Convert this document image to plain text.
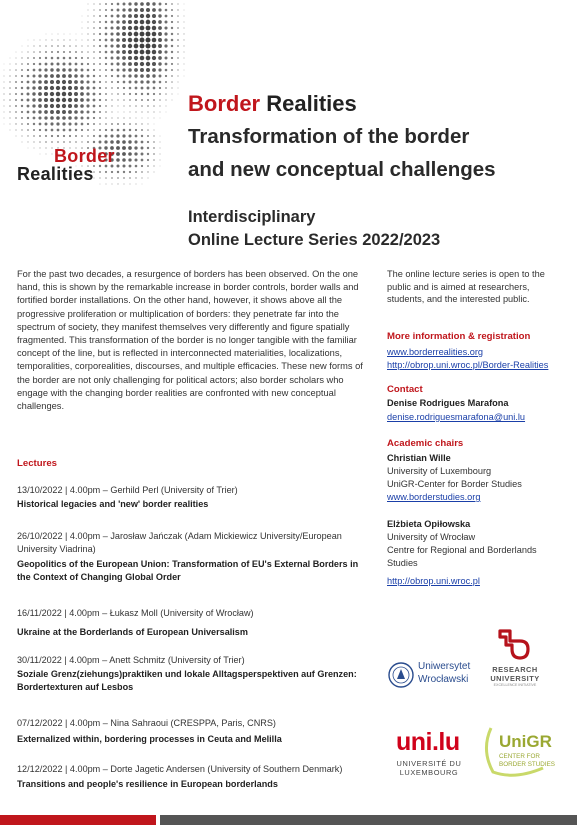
Border
Realities
Border Realities
Transformation of the border
and new conceptual challenges
Interdisciplinary
Online Lecture Series 2022/2023
For the past two decades, a resurgence of borders has been observed. On the one hand, this is shown by the remarkable increase in border controls, border walls and fortified border installations. On the other hand, however, it shows above all the progressive proliferation or multiplication of borders: they penetrate far into the spectrum of society, they manifest themselves very differently and figure spatially fragmented. This transformation of the border is no longer tangible with the familiar concept of the line, but is reflected in interconnected materialities, localizations, temporalities, corporealities, discourses, and multiple efficacies. These new forms of the border are not only challenging for political actors; also border scholars who engage with the changing border realities are confronted with new conceptual challenges.
Lectures
13/10/2022 | 4.00pm – Gerhild Perl (University of Trier)
Historical legacies and 'new' border realities
26/10/2022 | 4.00pm – Jarosław Jańczak (Adam Mickiewicz University/European University Viadrina)
Geopolitics of the European Union: Transformation of EU's External Borders in the Context of Changing Global Order
16/11/2022 | 4.00pm – Łukasz Moll (University of Wrocław)
Ukraine at the Borderlands of European Universalism
30/11/2022 | 4.00pm – Anett Schmitz (University of Trier)
Soziale Grenz(ziehungs)praktiken und lokale Alltagsperspektiven auf Grenzen: Bordertexturen auf Lesbos
07/12/2022 | 4.00pm – Nina Sahraoui (CRESPPA, Paris, CNRS)
Externalized within, bordering processes in Ceuta and Melilla
12/12/2022 | 4.00pm – Dorte Jagetic Andersen (University of Southern Denmark)
Transitions and people's resilience in European borderlands
The online lecture series is open to the public and is aimed at researchers, students, and the interested public.
More information & registration
www.borderrealities.org
http://obrop.uni.wroc.pl/Border-Realities
Contact
Denise Rodrigues Marafona
denise.rodriguesmarafona@uni.lu
Academic chairs
Christian Wille
University of Luxembourg
UniGR-Center for Border Studies
www.borderstudies.org
Elżbieta Opiłowska
University of Wrocław
Centre for Regional and Borderlands Studies
http://obrop.uni.wroc.pl
Uniwersytet
Wrocławski
RESEARCH
UNIVERSITY
EXCELLENCE INITIATIVE
uni.lu
UNIVERSITÉ DU
LUXEMBOURG
UniGR
CENTER FOR
BORDER STUDIES
